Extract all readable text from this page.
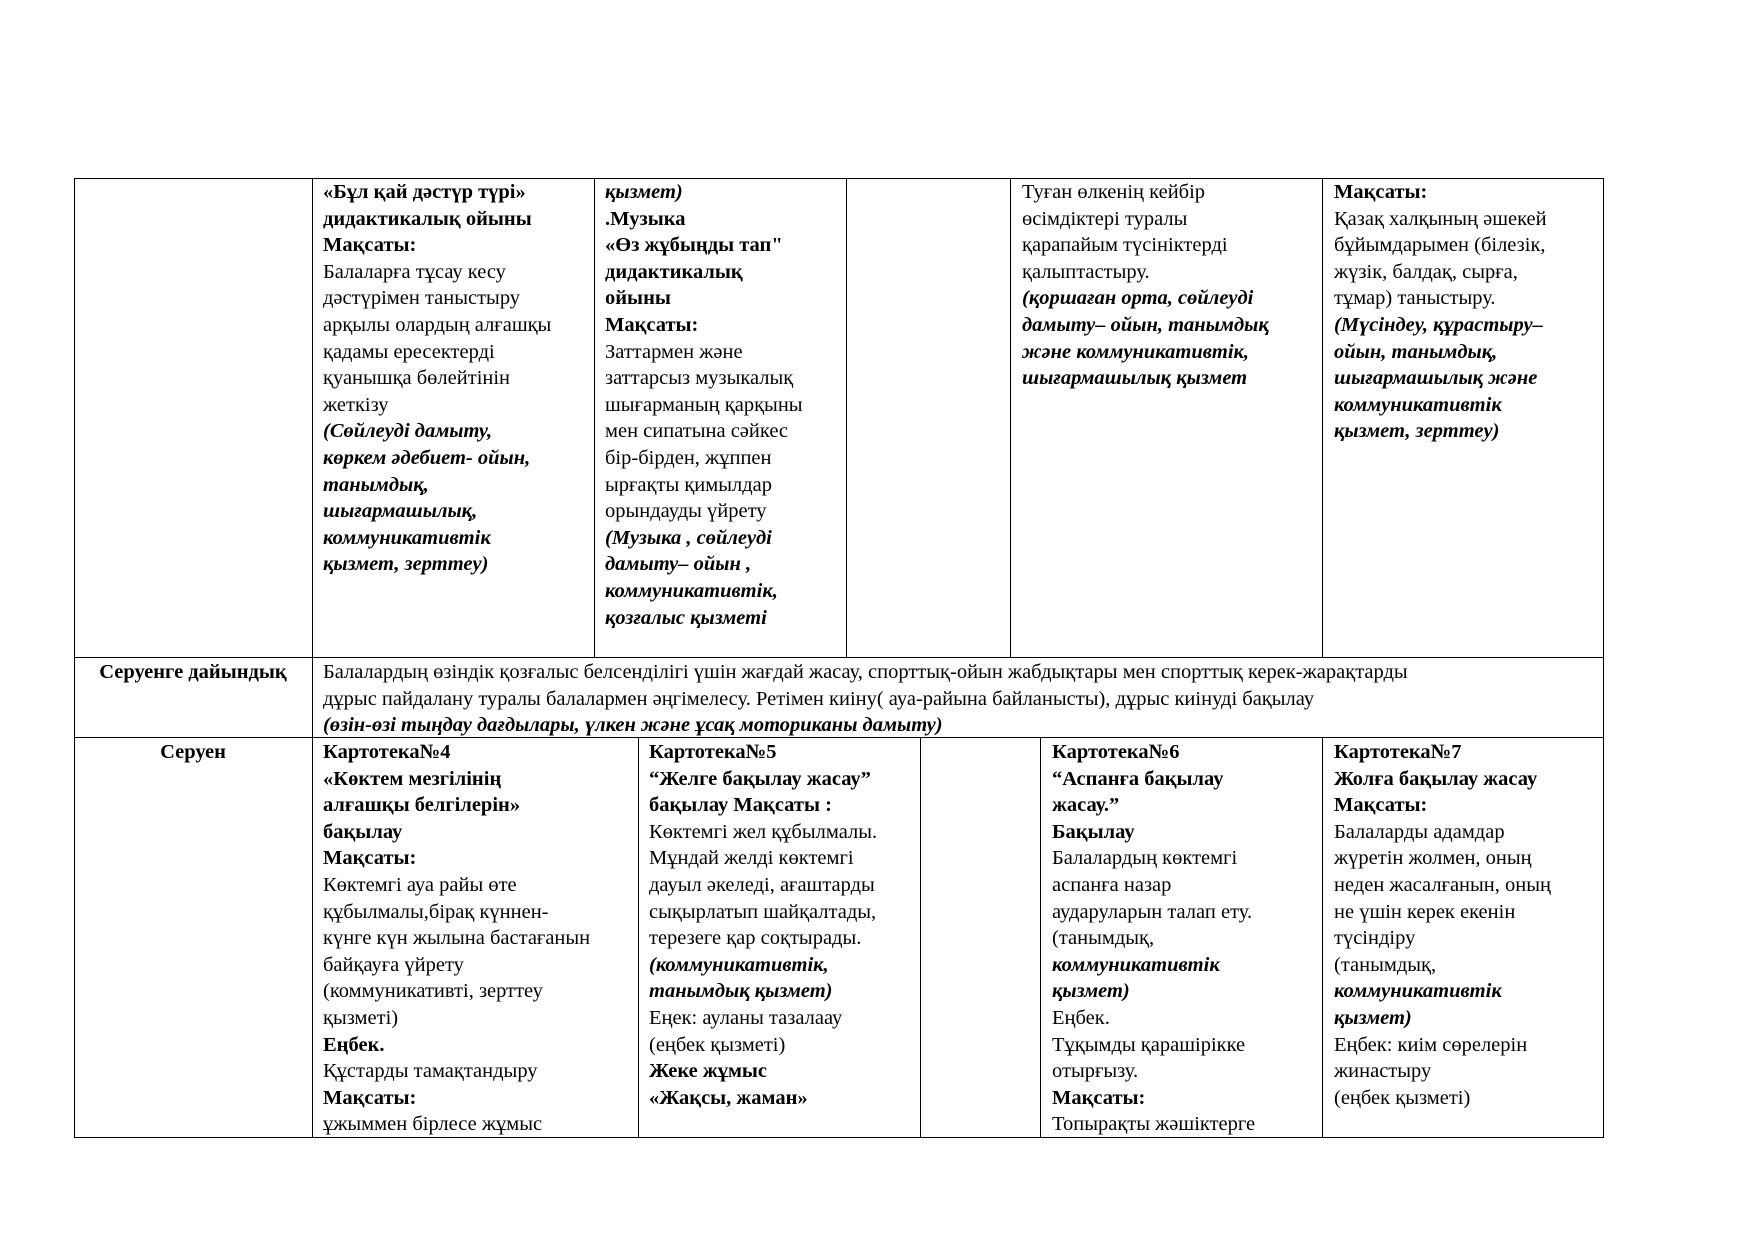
«Бұл қай дәстүр түрі»
дидактикалық ойыны
Мақсаты:
Балаларға тұсау кесу
дәстүрімен таныстыру
арқылы олардың алғашқы
қадамы ересектерді
қуанышқа бөлейтінін
жеткізу
(Сөйлеуді дамыту,
көркем әдебиет- ойын,
танымдық,
шығармашылық,
коммуникативтік
қызмет, зерттеу)
қызмет)
.Музыка
«Өз жұбыңды тап"
дидактикалық
ойыны
Мақсаты:
Заттармен және
заттарсыз музыкалық
шығарманың қарқыны
мен сипатына сәйкес
бір-бірден, жұппен
ырғақты қимылдар
орындауды үйрету
(Музыка , сөйлеуді
дамыту– ойын ,
коммуникативтік,
қозғалыс қызметі
Туған өлкенің кейбір
өсімдіктері туралы
қарапайым түсініктерді
қалыптастыру.
(қоршаған орта, сөйлеуді
дамыту– ойын, танымдық
және коммуникативтік,
шығармашылық қызмет
Мақсаты:
Қазақ халқының әшекей
бұйымдарымен (білезік,
жүзік, балдақ, сырға,
тұмар) таныстыру.
(Мүсіндеу, құрастыру–
ойын, танымдық,
шығармашылық және
коммуникативтік
қызмет, зерттеу)
Серуенге дайындық	Балалардың өзіндік қозғалыс белсенділігі үшін жағдай жасау, спорттық-ойын жабдықтары мен спорттық керек-жарақтарды
дұрыс пайдалану туралы балалармен әңгімелесу. Ретімен киіну( ауа-райына байланысты), дұрыс киінуді бақылау
(өзін-өзі тыңдау дағдылары, үлкен және ұсақ моториканы дамыту)
Серуен	Картотека№4
«Көктем мезгілінің
алғашқы белгілерін»
бақылау
Мақсаты:
Көктемгі ауа райы өте
құбылмалы,бірақ күннен-
күнге күн жылына бастағанын
байқауға үйрету
(коммуникативті, зерттеу
қызметі)
Еңбек.
Құстарды тамақтандыру
Мақсаты:
ұжыммен бірлесе жұмыс
Картотека№5
“Желге бақылау жасау”
бақылау Мақсаты :
Көктемгі жел құбылмалы.
Мұндай желді көктемгі
дауыл әкеледі, ағаштарды
сықырлатып шайқалтады,
терезеге қар соқтырады.
(коммуникативтік,
танымдық қызмет)
Еңек: ауланы тазалаау
(еңбек қызметі)
Жеке жұмыс
«Жақсы, жаман»
Картотека№6
“Аспанға бақылау
жасау.”
Бақылау
Балалардың көктемгі
аспанға назар
аударуларын талап ету.
(танымдық,
коммуникативтік
қызмет)
Еңбек.
Тұқымды қарашірікке
отырғызу.
Мақсаты:
Топырақты жәшіктерге
Картотека№7
Жолға бақылау жасау
Мақсаты:
Балаларды адамдар
жүретін жолмен, оның
неден жасалғанын, оның
не үшін керек екенін
түсіндіру
(танымдық,
коммуникативтік
қызмет)
Еңбек: киім сөрелерін
жинастыру
(еңбек қызметі)
